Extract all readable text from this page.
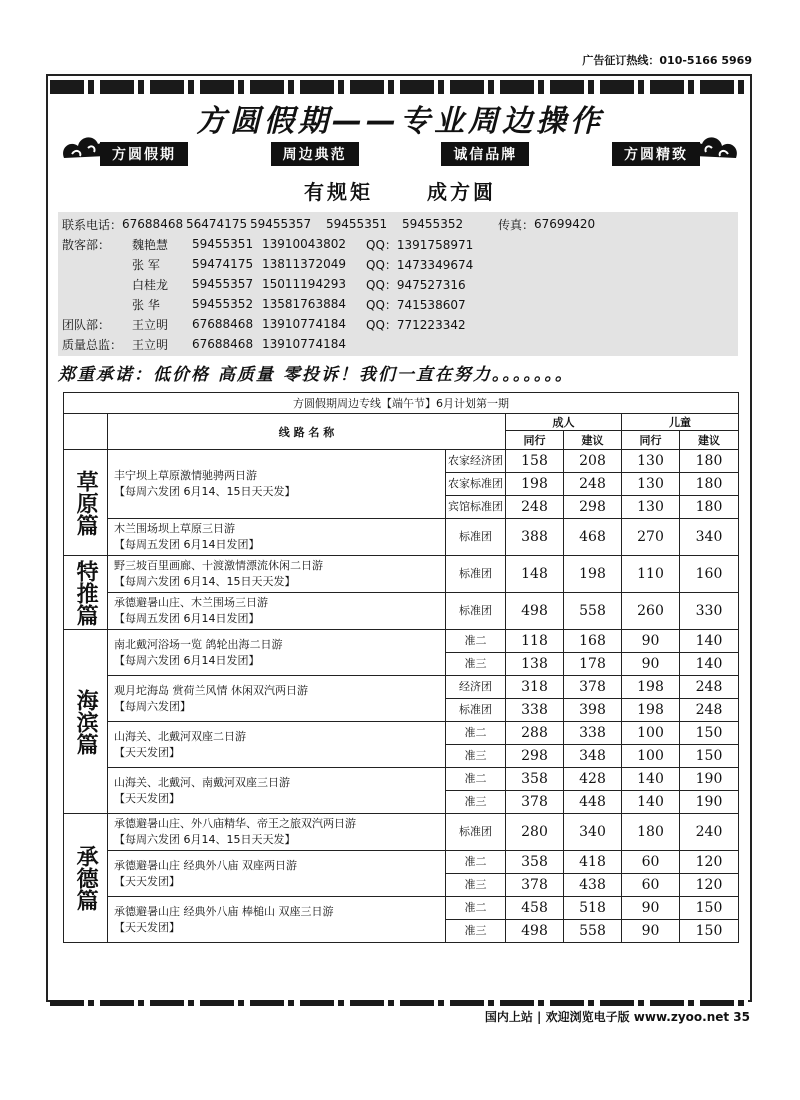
广告征订热线：010-5166 5969
方圆假期——专业周边操作
方圆假期	周边典范	诚信品牌	方圆精致
有规矩	成方圆
联系电话： 67688468 56474175 59455357	59455351	59455352	传真： 67699420
散客部：	魏艳慧	59455351 13910043802	QQ：1391758971
张 军	59474175 13811372049	QQ：1473349674
白桂龙	59455357 15011194293	QQ：947527316
张 华	59455352 13581763884	QQ：741538607
团队部：	王立明	67688468 13910774184	QQ：771223342
质量总监： 王立明	67688468 13910774184
郑重承诺：低价格 高质量 零投诉！我们一直在努力。。。。。。。
方圆假期周边专线【端午节】6月计划第一期						
	线 路 名 称		成人		儿童	
			同行	建议	同行	建议
草原篇	丰宁坝上草原激情驰骋两日游
【每周六发团 6月14、15日天天发】	农家经济团	158	208	130	180
		农家标准团	198	248	130	180
		宾馆标准团	248	298	130	180

	木兰围场坝上草原三日游
【每周五发团 6月14日发团】	标准团	388	468	270	340
特推篇	野三坡百里画廊、十渡激情漂流休闲二日游
【每周六发团 6月14、15日天天发】	标准团	148	198	110	160

	承德避暑山庄、木兰围场三日游
【每周五发团 6月14日发团】	标准团	498	558	260	330
海滨篇	南北戴河浴场一览 鸽轮出海二日游
【每周六发团 6月14日发团】	准二	118	168	90	140
		准三	138	178	90	140

	观月坨海岛 赏荷兰风情 休闲双汽两日游
【每周六发团】	经济团	318	378	198	248
		标准团	338	398	198	248

	山海关、北戴河双座二日游
【天天发团】	准二	288	338	100	150
		准三	298	348	100	150

	山海关、北戴河、南戴河双座三日游
【天天发团】	准二	358	428	140	190
		准三	378	448	140	190
承德篇	承德避暑山庄、外八庙精华、帝王之旅双汽两日游
【每周六发团 6月14、15日天天发】	标准团	280	340	180	240

	承德避暑山庄 经典外八庙 双座两日游
【天天发团】	准二	358	418	60	120
		准三	378	438	60	120

	承德避暑山庄 经典外八庙 棒槌山 双座三日游
【天天发团】	准二	458	518	90	150
		准三	498	558	90	150
国内上站 | 欢迎浏览电子版 www.zyoo.net 35
